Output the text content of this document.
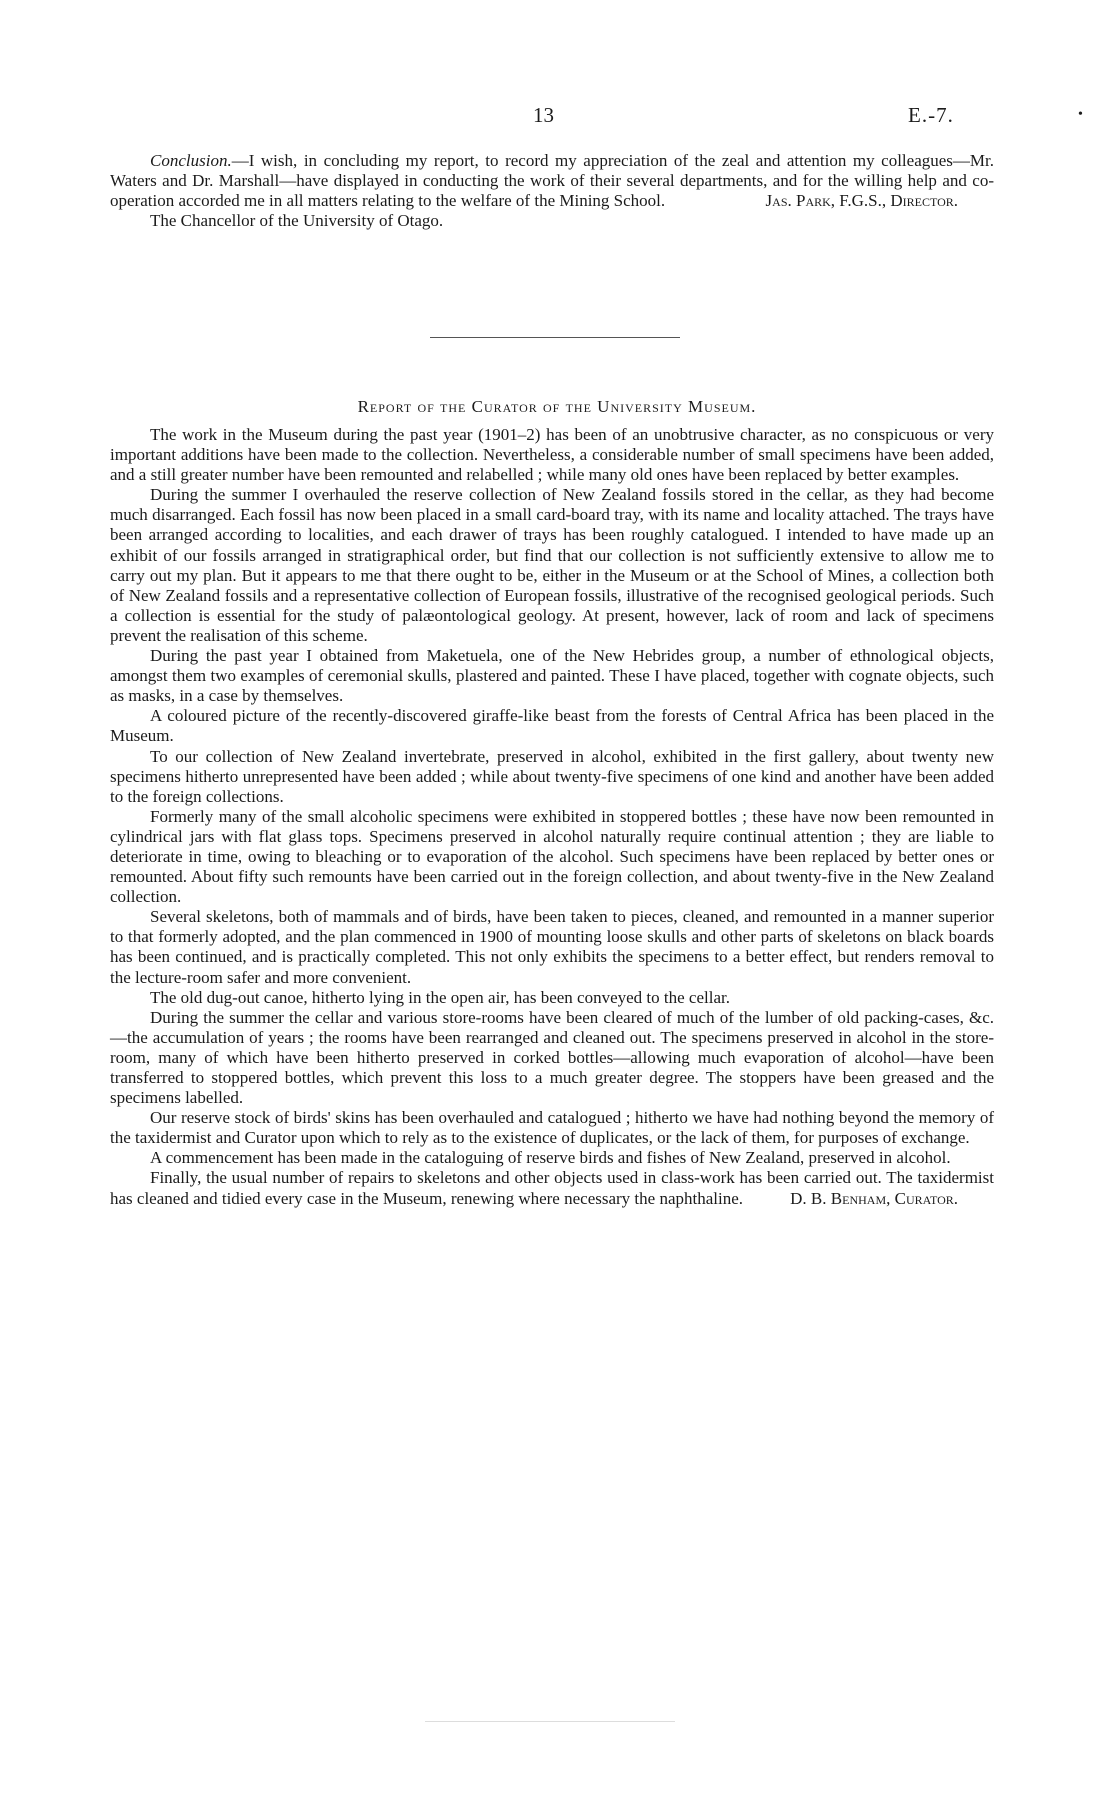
13	E.-7.	•

Conclusion.—I wish, in concluding my report, to record my appreciation of the zeal and attention my colleagues—Mr. Waters and Dr. Marshall—have displayed in conducting the work of their several departments, and for the willing help and co-operation accorded me in all matters relating to the welfare of the Mining School.	Jas. Park, F.G.S., Director.

The Chancellor of the University of Otago.

Report of the Curator of the University Museum.

The work in the Museum during the past year (1901–2) has been of an unobtrusive character, as no conspicuous or very important additions have been made to the collection. Nevertheless, a considerable number of small specimens have been added, and a still greater number have been remounted and relabelled ; while many old ones have been replaced by better examples.

During the summer I overhauled the reserve collection of New Zealand fossils stored in the cellar, as they had become much disarranged. Each fossil has now been placed in a small card-board tray, with its name and locality attached. The trays have been arranged according to localities, and each drawer of trays has been roughly catalogued. I intended to have made up an exhibit of our fossils arranged in stratigraphical order, but find that our collection is not sufficiently extensive to allow me to carry out my plan. But it appears to me that there ought to be, either in the Museum or at the School of Mines, a collection both of New Zealand fossils and a representative collection of European fossils, illustrative of the recognised geological periods. Such a collection is essential for the study of palæontological geology. At present, however, lack of room and lack of specimens prevent the realisation of this scheme.

During the past year I obtained from Maketuela, one of the New Hebrides group, a number of ethnological objects, amongst them two examples of ceremonial skulls, plastered and painted. These I have placed, together with cognate objects, such as masks, in a case by themselves.

A coloured picture of the recently-discovered giraffe-like beast from the forests of Central Africa has been placed in the Museum.

To our collection of New Zealand invertebrate, preserved in alcohol, exhibited in the first gallery, about twenty new specimens hitherto unrepresented have been added ; while about twenty-five specimens of one kind and another have been added to the foreign collections.

Formerly many of the small alcoholic specimens were exhibited in stoppered bottles ; these have now been remounted in cylindrical jars with flat glass tops. Specimens preserved in alcohol naturally require continual attention ; they are liable to deteriorate in time, owing to bleaching or to evaporation of the alcohol. Such specimens have been replaced by better ones or remounted. About fifty such remounts have been carried out in the foreign collection, and about twenty-five in the New Zealand collection.

Several skeletons, both of mammals and of birds, have been taken to pieces, cleaned, and remounted in a manner superior to that formerly adopted, and the plan commenced in 1900 of mounting loose skulls and other parts of skeletons on black boards has been continued, and is practically completed. This not only exhibits the specimens to a better effect, but renders removal to the lecture-room safer and more convenient.

The old dug-out canoe, hitherto lying in the open air, has been conveyed to the cellar.

During the summer the cellar and various store-rooms have been cleared of much of the lumber of old packing-cases, &c.—the accumulation of years ; the rooms have been rearranged and cleaned out. The specimens preserved in alcohol in the store-room, many of which have been hitherto preserved in corked bottles—allowing much evaporation of alcohol—have been transferred to stoppered bottles, which prevent this loss to a much greater degree. The stoppers have been greased and the specimens labelled.

Our reserve stock of birds' skins has been overhauled and catalogued ; hitherto we have had nothing beyond the memory of the taxidermist and Curator upon which to rely as to the existence of duplicates, or the lack of them, for purposes of exchange.

A commencement has been made in the cataloguing of reserve birds and fishes of New Zealand, preserved in alcohol.

Finally, the usual number of repairs to skeletons and other objects used in class-work has been carried out. The taxidermist has cleaned and tidied every case in the Museum, renewing where necessary the naphthaline.	D. B. Benham, Curator.
